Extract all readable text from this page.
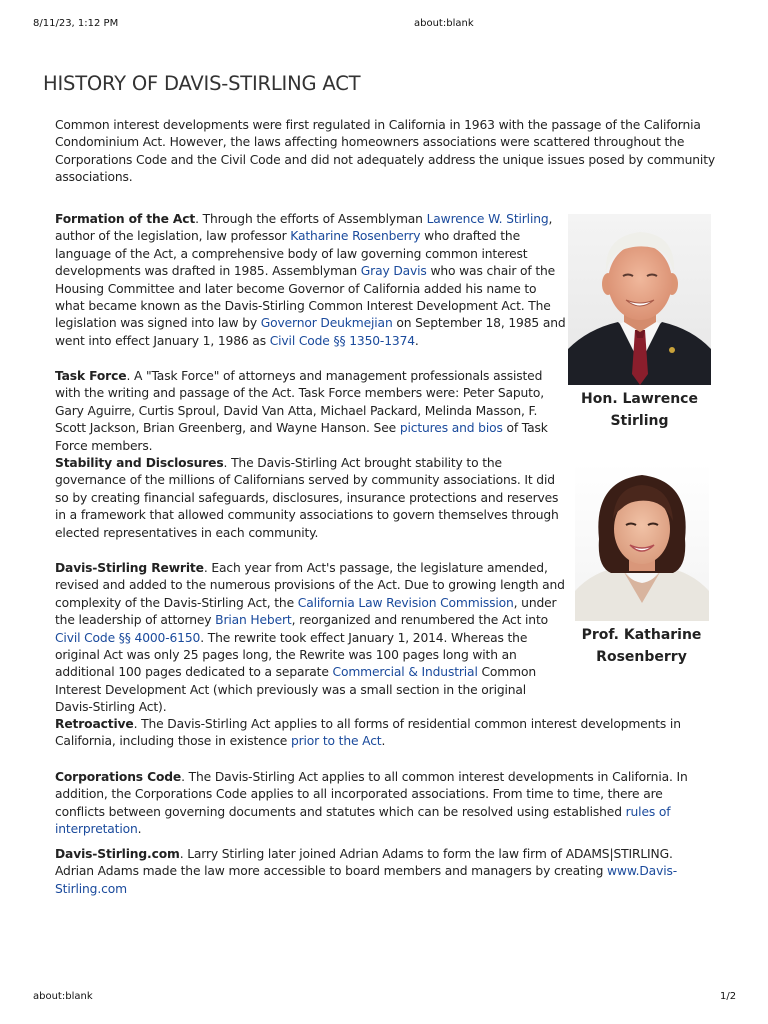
8/11/23, 1:12 PM	about:blank
HISTORY OF DAVIS-STIRLING ACT

Common interest developments were first regulated in California in 1963 with the passage of the California Condominium Act. However, the laws affecting homeowners associations were scattered throughout the Corporations Code and the Civil Code and did not adequately address the unique issues posed by community associations.

Formation of the Act. Through the efforts of Assemblyman Lawrence W. Stirling, author of the legislation, law professor Katharine Rosenberry who drafted the language of the Act, a comprehensive body of law governing common interest developments was drafted in 1985. Assemblyman Gray Davis who was chair of the Housing Committee and later become Governor of California added his name to what became known as the Davis-Stirling Common Interest Development Act. The legislation was signed into law by Governor Deukmejian on September 18, 1985 and went into effect January 1, 1986 as Civil Code §§ 1350-1374.

Task Force. A "Task Force" of attorneys and management professionals assisted with the writing and passage of the Act. Task Force members were: Peter Saputo, Gary Aguirre, Curtis Sproul, David Van Atta, Michael Packard, Melinda Masson, F. Scott Jackson, Brian Greenberg, and Wayne Hanson. See pictures and bios of Task Force members.

Stability and Disclosures. The Davis-Stirling Act brought stability to the governance of the millions of Californians served by community associations. It did so by creating financial safeguards, disclosures, insurance protections and reserves in a framework that allowed community associations to govern themselves through elected representatives in each community.

Davis-Stirling Rewrite. Each year from Act's passage, the legislature amended, revised and added to the numerous provisions of the Act. Due to growing length and complexity of the Davis-Stirling Act, the California Law Revision Commission, under the leadership of attorney Brian Hebert, reorganized and renumbered the Act into Civil Code §§ 4000-6150. The rewrite took effect January 1, 2014. Whereas the original Act was only 25 pages long, the Rewrite was 100 pages long with an additional 100 pages dedicated to a separate Commercial & Industrial Common Interest Development Act (which previously was a small section in the original Davis-Stirling Act).

Retroactive. The Davis-Stirling Act applies to all forms of residential common interest developments in California, including those in existence prior to the Act.

Corporations Code. The Davis-Stirling Act applies to all common interest developments in California. In addition, the Corporations Code applies to all incorporated associations. From time to time, there are conflicts between governing documents and statutes which can be resolved using established rules of interpretation.

Davis-Stirling.com. Larry Stirling later joined Adrian Adams to form the law firm of ADAMS|STIRLING. Adrian Adams made the law more accessible to board members and managers by creating www.Davis-Stirling.com

Hon. Lawrence Stirling
Prof. Katharine Rosenberry
about:blank	1/2
